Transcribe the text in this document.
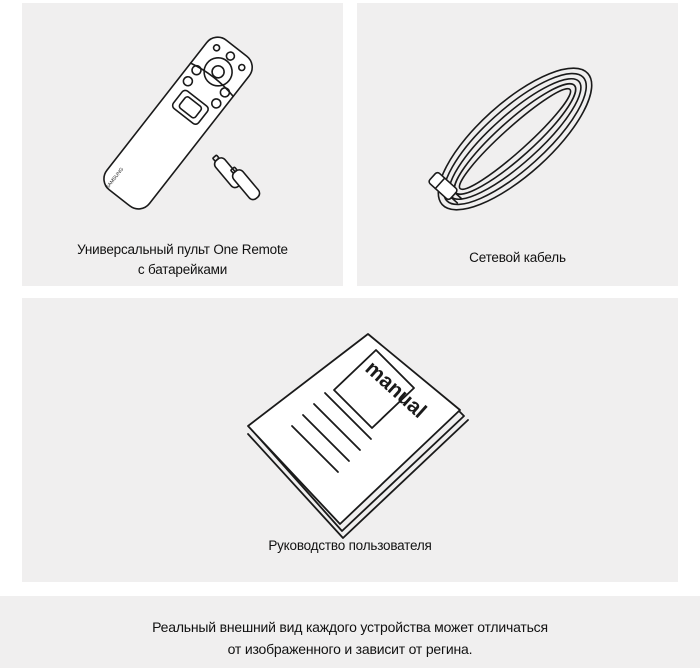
SAMSUNG
Универсальный пульт One Remote
с батарейками
Сетевой кабель
manual
Руководство пользователя
Реальный внешний вид каждого устройства может отличаться
от изображенного и зависит от регина.
